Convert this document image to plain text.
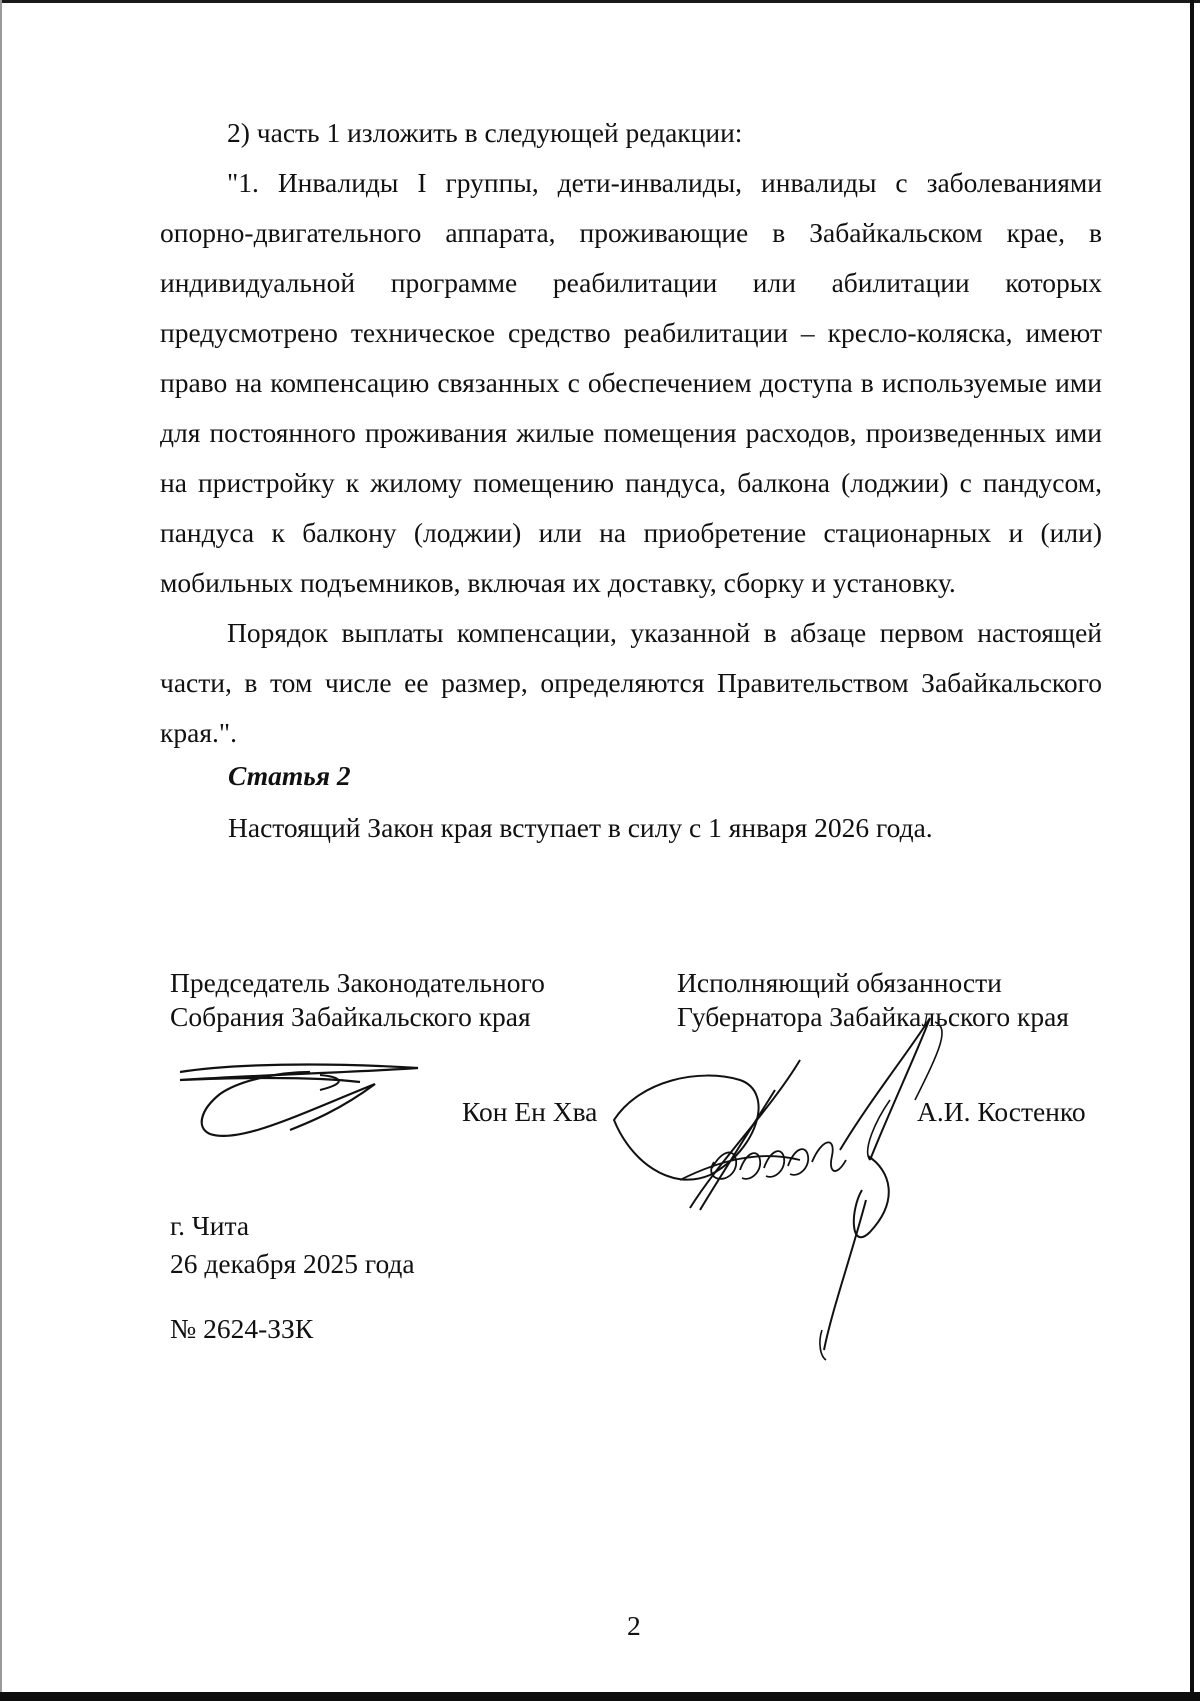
2) часть 1 изложить в следующей редакции:

"1. Инвалиды I группы, дети-инвалиды, инвалиды с заболеваниями опорно-двигательного аппарата, проживающие в Забайкальском крае, в индивидуальной программе реабилитации или абилитации которых предусмотрено техническое средство реабилитации – кресло-коляска, имеют право на компенсацию связанных с обеспечением доступа в используемые ими для постоянного проживания жилые помещения расходов, произведенных ими на пристройку к жилому помещению пандуса, балкона (лоджии) с пандусом, пандуса к балкону (лоджии) или на приобретение стационарных и (или) мобильных подъемников, включая их доставку, сборку и установку.

Порядок выплаты компенсации, указанной в абзаце первом настоящей части, в том числе ее размер, определяются Правительством Забайкальского края.".

Статья 2
Настоящий Закон края вступает в силу с 1 января 2026 года.
Председатель Законодательного
Собрания Забайкальского края
Исполняющий обязанности
Губернатора Забайкальского края
Кон Ен Хва	А.И. Костенко
г. Чита
26 декабря 2025 года
№ 2624-ЗЗК
2
